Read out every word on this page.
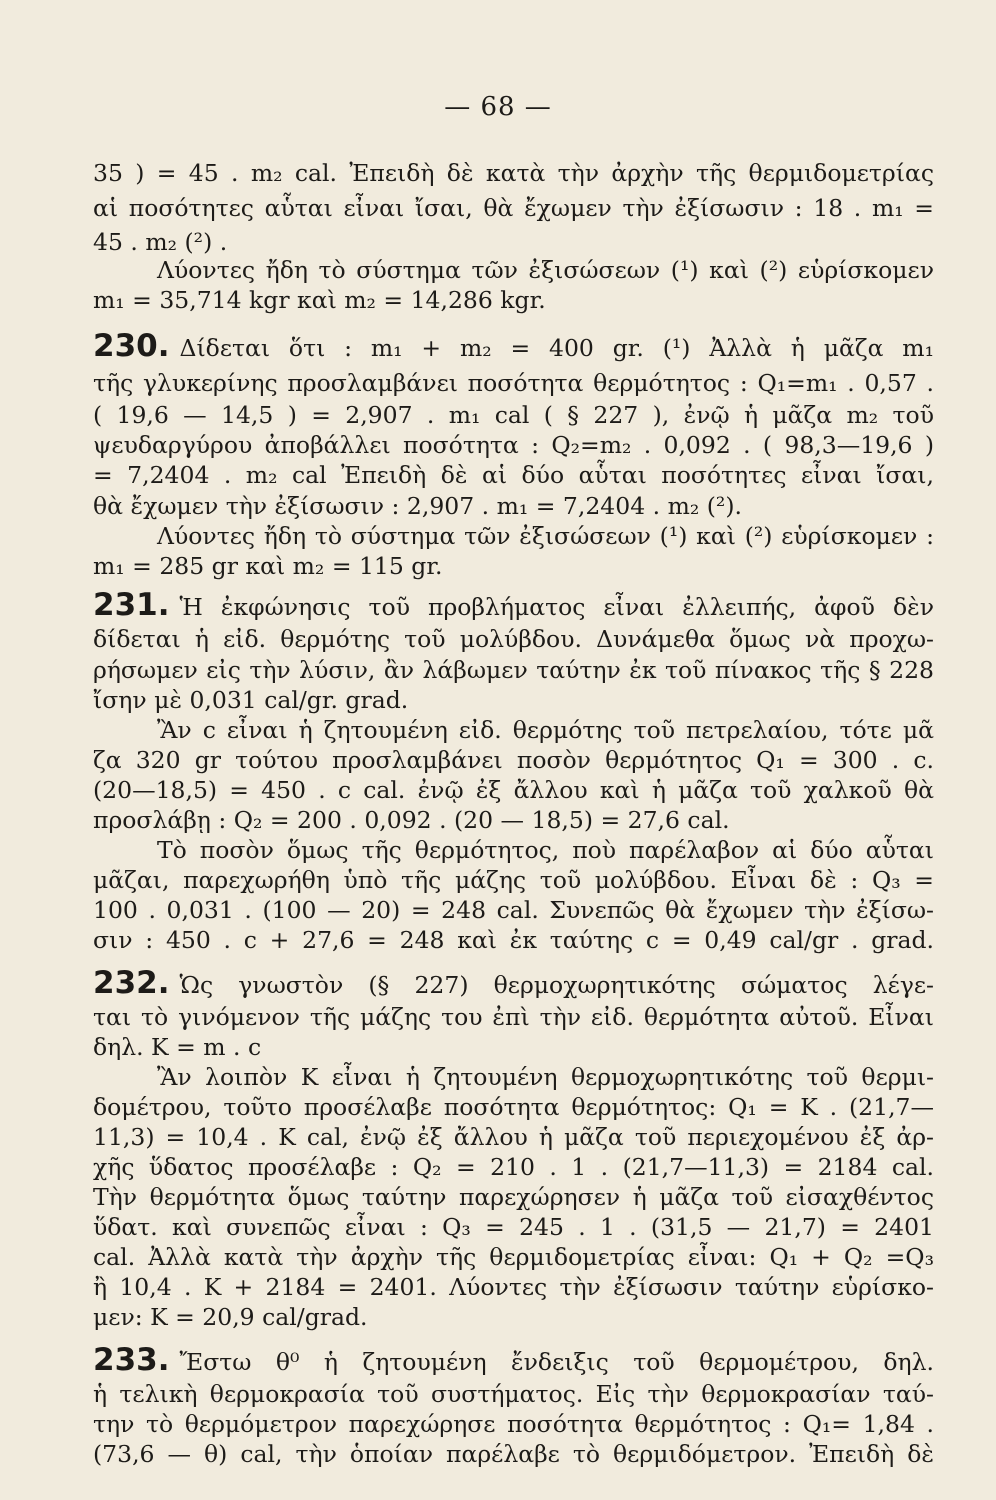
— 68 —
35 ) = 45 . m₂ cal. Ἐπειδὴ δὲ κατὰ τὴν ἀρχὴν τῆς θερμιδομετρίας
αἱ ποσότητες αὗται εἶναι ἴσαι, θὰ ἔχωμεν τὴν ἐξίσωσιν : 18 . m₁ =
45 . m₂ (²) .
Λύοντες ἤδη τὸ σύστημα τῶν ἐξισώσεων (¹) καὶ (²) εὑρίσκομεν
m₁ = 35,714 kgr καὶ m₂ = 14,286 kgr.
230. Δίδεται ὅτι : m₁ + m₂ = 400 gr. (¹) Ἀλλὰ ἡ μᾶζα m₁
τῆς γλυκερίνης προσλαμβάνει ποσότητα θερμότητος : Q₁=m₁ . 0,57 .
( 19,6 — 14,5 ) = 2,907 . m₁ cal ( § 227 ), ἐνῷ ἡ μᾶζα m₂ τοῦ
ψευδαργύρου ἀποβάλλει ποσότητα : Q₂=m₂ . 0,092 . ( 98,3—19,6 )
= 7,2404 . m₂ cal Ἐπειδὴ δὲ αἱ δύο αὗται ποσότητες εἶναι ἴσαι,
θὰ ἔχωμεν τὴν ἐξίσωσιν : 2,907 . m₁ = 7,2404 . m₂ (²).
Λύοντες ἤδη τὸ σύστημα τῶν ἐξισώσεων (¹) καὶ (²) εὑρίσκομεν :
m₁ = 285 gr καὶ m₂ = 115 gr.
231. Ἡ ἐκφώνησις τοῦ προβλήματος εἶναι ἐλλειπής, ἀφοῦ δὲν
δίδεται ἡ εἰδ. θερμότης τοῦ μολύβδου. Δυνάμεθα ὅμως νὰ προχω-
ρήσωμεν εἰς τὴν λύσιν, ἂν λάβωμεν ταύτην ἐκ τοῦ πίνακος τῆς § 228
ἴσην μὲ 0,031 cal/gr. grad.
Ἂν c εἶναι ἡ ζητουμένη εἰδ. θερμότης τοῦ πετρελαίου, τότε μᾶ
ζα 320 gr τούτου προσλαμβάνει ποσὸν θερμότητος Q₁ = 300 . c.
(20—18,5) = 450 . c cal. ἐνῷ ἐξ ἄλλου καὶ ἡ μᾶζα τοῦ χαλκοῦ θὰ
προσλάβῃ : Q₂ = 200 . 0,092 . (20 — 18,5) = 27,6 cal.
Τὸ ποσὸν ὅμως τῆς θερμότητος, ποὺ παρέλαβον αἱ δύο αὗται
μᾶζαι, παρεχωρήθη ὑπὸ τῆς μάζης τοῦ μολύβδου. Εἶναι δὲ : Q₃ =
100 . 0,031 . (100 — 20) = 248 cal. Συνεπῶς θὰ ἔχωμεν τὴν ἐξίσω-
σιν : 450 . c + 27,6 = 248 καὶ ἐκ ταύτης c = 0,49 cal/gr . grad.
232. Ὡς γνωστὸν (§ 227) θερμοχωρητικότης σώματος λέγε-
ται τὸ γινόμενον τῆς μάζης του ἐπὶ τὴν εἰδ. θερμότητα αὐτοῦ. Εἶναι
δηλ. K = m . c
Ἂν λοιπὸν K εἶναι ἡ ζητουμένη θερμοχωρητικότης τοῦ θερμι-
δομέτρου, τοῦτο προσέλαβε ποσότητα θερμότητος: Q₁ = K . (21,7—
11,3) = 10,4 . K cal, ἐνῷ ἐξ ἄλλου ἡ μᾶζα τοῦ περιεχομένου ἐξ ἀρ-
χῆς ὕδατος προσέλαβε : Q₂ = 210 . 1 . (21,7—11,3) = 2184 cal.
Τὴν θερμότητα ὅμως ταύτην παρεχώρησεν ἡ μᾶζα τοῦ εἰσαχθέντος
ὕδατ. καὶ συνεπῶς εἶναι : Q₃ = 245 . 1 . (31,5 — 21,7) = 2401
cal. Ἀλλὰ κατὰ τὴν ἀρχὴν τῆς θερμιδομετρίας εἶναι: Q₁ + Q₂ =Q₃
ἢ 10,4 . K + 2184 = 2401. Λύοντες τὴν ἐξίσωσιν ταύτην εὑρίσκο-
μεν: K = 20,9 cal/grad.
233. Ἔστω θ⁰ ἡ ζητουμένη ἔνδειξις τοῦ θερμομέτρου, δηλ.
ἡ τελικὴ θερμοκρασία τοῦ συστήματος. Εἰς τὴν θερμοκρασίαν ταύ-
την τὸ θερμόμετρον παρεχώρησε ποσότητα θερμότητος : Q₁= 1,84 .
(73,6 — θ) cal, τὴν ὁποίαν παρέλαβε τὸ θερμιδόμετρον. Ἐπειδὴ δὲ
